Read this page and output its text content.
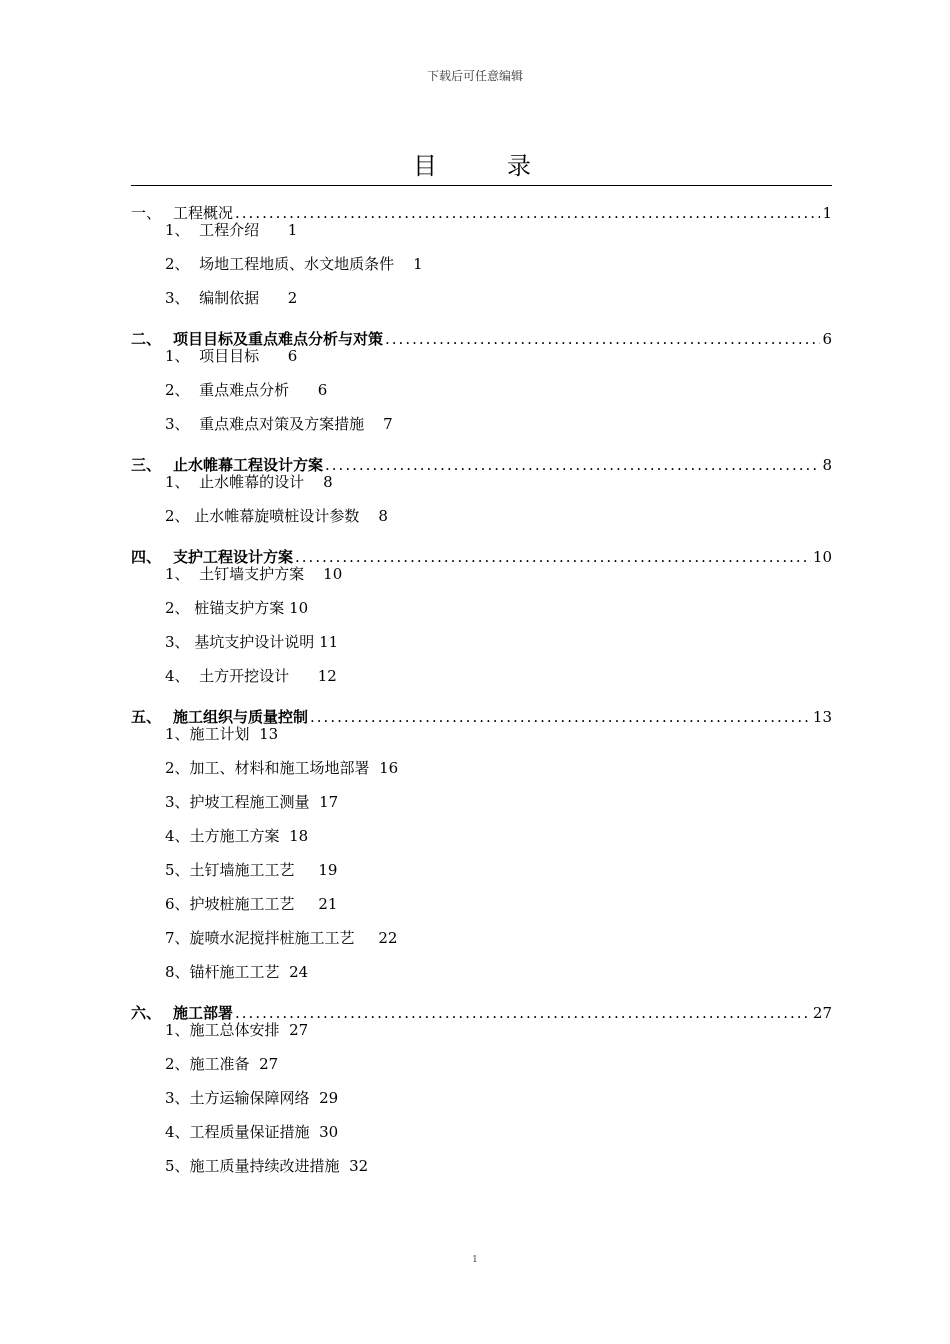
下载后可任意编辑
目录
一、 工程概况 .....	1
1、  工程介绍      1
2、  场地工程地质、水文地质条件    1
3、  编制依据      2
二、 项目目标及重点难点分析与对策 .....	6
1、  项目目标      6
2、  重点难点分析      6
3、  重点难点对策及方案措施    7
三、 止水帷幕工程设计方案 .....	8
1、  止水帷幕的设计    8
2、 止水帷幕旋喷桩设计参数    8
四、 支护工程设计方案 .....	10
1、  土钉墙支护方案    10
2、 桩锚支护方案 10
3、 基坑支护设计说明 11
4、  土方开挖设计      12
五、 施工组织与质量控制 .....	13
1、施工计划  13
2、加工、材料和施工场地部署  16
3、护坡工程施工测量  17
4、土方施工方案  18
5、土钉墙施工工艺     19
6、护坡桩施工工艺     21
7、旋喷水泥搅拌桩施工工艺     22
8、锚杆施工工艺  24
六、 施工部署 .....	27
1、施工总体安排  27
2、施工准备  27
3、土方运输保障网络  29
4、工程质量保证措施  30
5、施工质量持续改进措施  32
1
